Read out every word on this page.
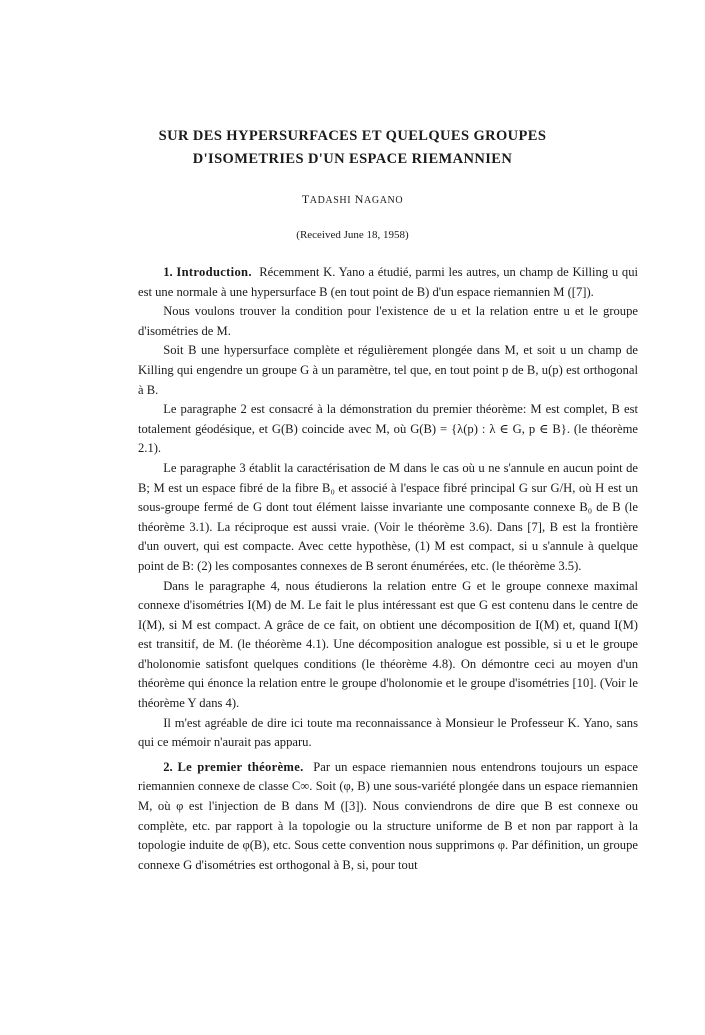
SUR DES HYPERSURFACES ET QUELQUES GROUPES
D'ISOMETRIES D'UN ESPACE RIEMANNIEN
TADASHI NAGANO
(Received June 18, 1958)

1. Introduction. Récemment K. Yano a étudié, parmi les autres, un champ de Killing u qui est une normale à une hypersurface B (en tout point de B) d'un espace riemannien M ([7]).

Nous voulons trouver la condition pour l'existence de u et la relation entre u et le groupe d'isométries de M.

Soit B une hypersurface complète et régulièrement plongée dans M, et soit u un champ de Killing qui engendre un groupe G à un paramètre, tel que, en tout point p de B, u(p) est orthogonal à B.

Le paragraphe 2 est consacré à la démonstration du premier théorème: M est complet, B est totalement géodésique, et G(B) coincide avec M, où G(B) = {λ(p) : λ ∈ G, p ∈ B}. (le théorème 2.1).

Le paragraphe 3 établit la caractérisation de M dans le cas où u ne s'annule en aucun point de B; M est un espace fibré de la fibre B₀ et associé à l'espace fibré principal G sur G/H, où H est un sous-groupe fermé de G dont tout élément laisse invariante une composante connexe B₀ de B (le théorème 3.1). La réciproque est aussi vraie. (Voir le théorème 3.6). Dans [7], B est la frontière d'un ouvert, qui est compacte. Avec cette hypothèse, (1) M est compact, si u s'annule à quelque point de B: (2) les composantes connexes de B seront énumérées, etc. (le théorème 3.5).

Dans le paragraphe 4, nous étudierons la relation entre G et le groupe connexe maximal connexe d'isométries I(M) de M. Le fait le plus intéressant est que G est contenu dans le centre de I(M), si M est compact. A grâce de ce fait, on obtient une décomposition de I(M) et, quand I(M) est transitif, de M. (le théorème 4.1). Une décomposition analogue est possible, si u et le groupe d'holonomie satisfont quelques conditions (le théorème 4.8). On démontre ceci au moyen d'un théorème qui énonce la relation entre le groupe d'holonomie et le groupe d'isométries [10]. (Voir le théorème Y dans 4).

Il m'est agréable de dire ici toute ma reconnaissance à Monsieur le Professeur K. Yano, sans qui ce mémoir n'aurait pas apparu.

2. Le premier théorème. Par un espace riemannien nous entendrons toujours un espace riemannien connexe de classe C∞. Soit (φ, B) une sous-variété plongée dans un espace riemannien M, où φ est l'injection de B dans M ([3]). Nous conviendrons de dire que B est connexe ou complète, etc. par rapport à la topologie ou la structure uniforme de B et non par rapport à la topologie induite de φ(B), etc. Sous cette convention nous supprimons φ. Par définition, un groupe connexe G d'isométries est orthogonal à B, si, pour tout
